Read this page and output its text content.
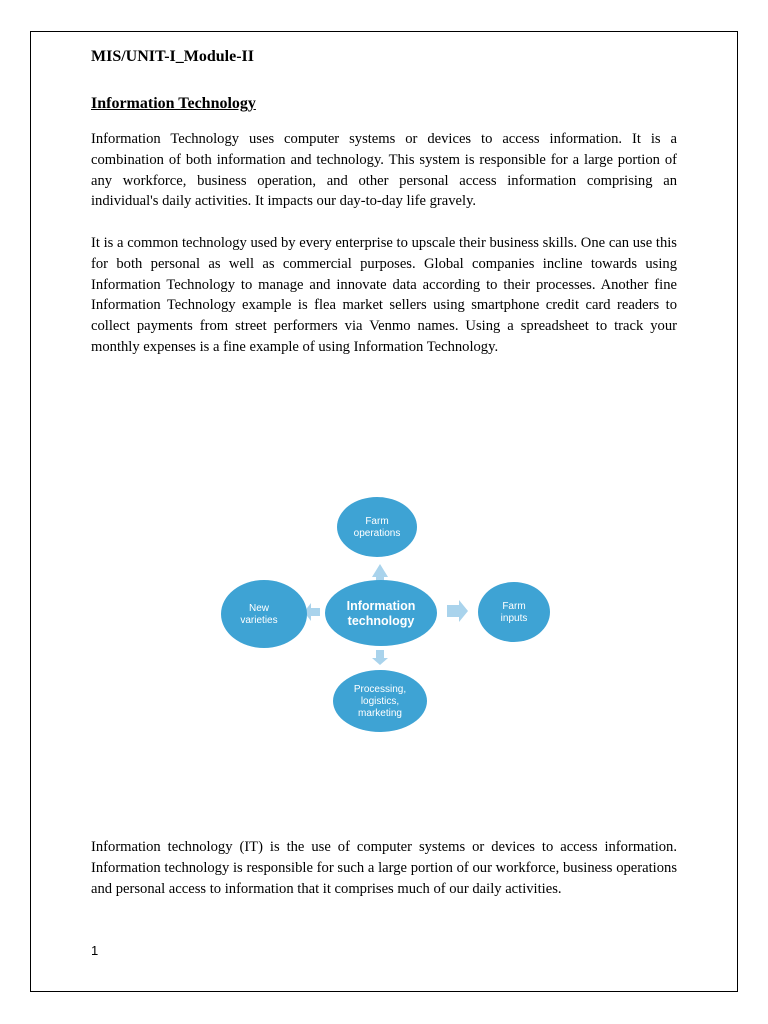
MIS/UNIT-I_Module-II
Information Technology
Information Technology uses computer systems or devices to access information. It is a combination of both information and technology. This system is responsible for a large portion of any workforce, business operation, and other personal access information comprising an individual's daily activities. It impacts our day-to-day life gravely.
It is a common technology used by every enterprise to upscale their business skills. One can use this for both personal as well as commercial purposes. Global companies incline towards using Information Technology to manage and innovate data according to their processes. Another fine Information Technology example is flea market sellers using smartphone credit card readers to collect payments from street performers via Venmo names. Using a spreadsheet to track your monthly expenses is a fine example of using Information Technology.
Information
technology
Farm
operations
Farm
inputs
Processing,
logistics,
marketing
New
varieties
Information technology (IT) is the use of computer systems or devices to access information. Information technology is responsible for such a large portion of our workforce, business operations and personal access to information that it comprises much of our daily activities.
1
